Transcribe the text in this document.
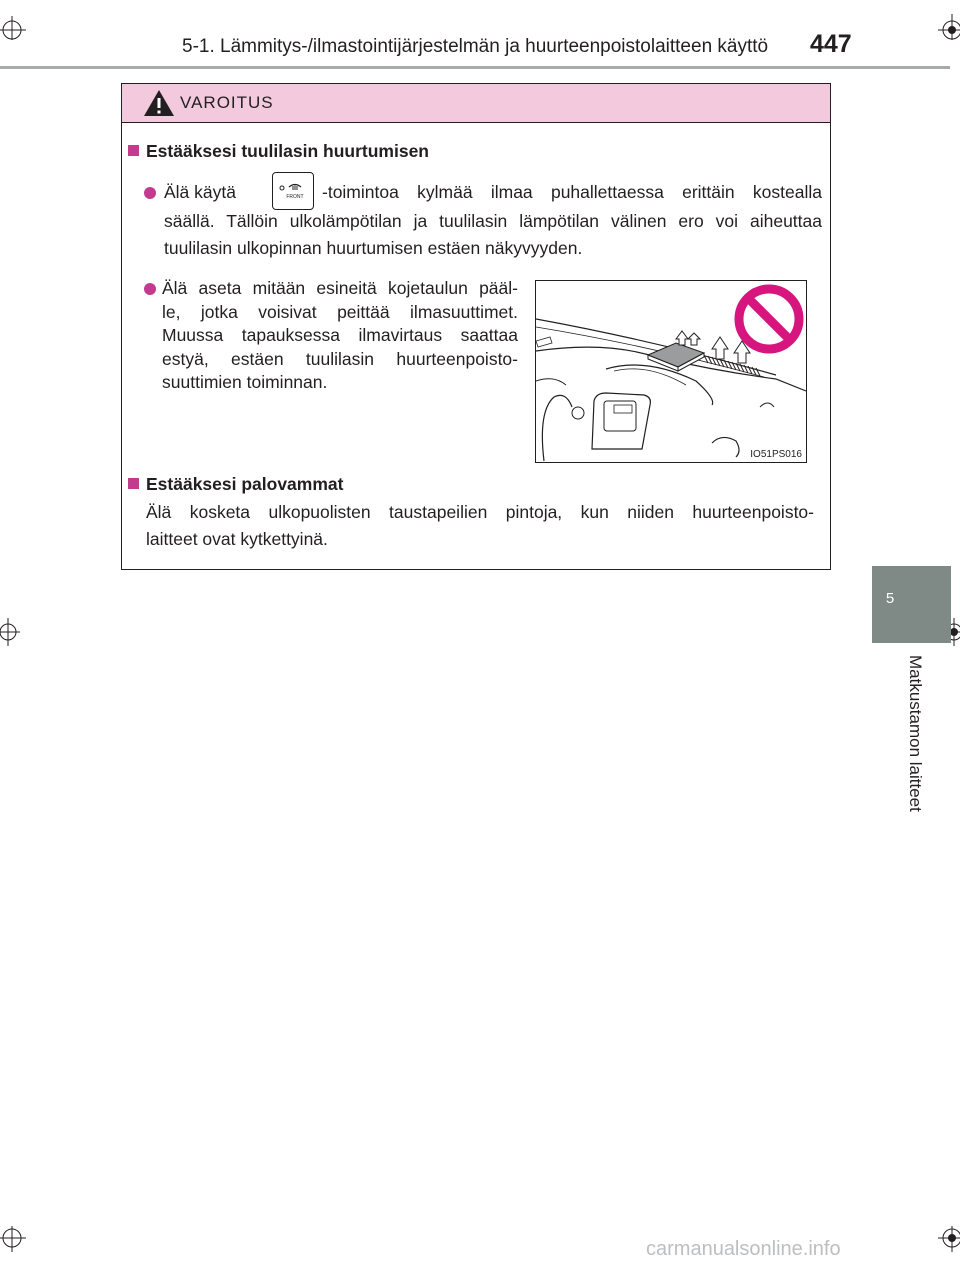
5-1. Lämmitys-/ilmastointijärjestelmän ja huurteenpoistolaitteen käyttö	447
5
Matkustamon laitteet
VAROITUS
Estääksesi tuulilasin huurtumisen
Älä käytä	FRONT -toimintoa kylmää ilmaa puhallettaessa erittäin kostealla
säällä. Tällöin ulkolämpötilan ja tuulilasin lämpötilan välinen ero voi aiheuttaa
tuulilasin ulkopinnan huurtumisen estäen näkyvyyden.
Älä aseta mitään esineitä kojetaulun pääl-
le, jotka voisivat peittää ilmasuuttimet.
Muussa tapauksessa ilmavirtaus saattaa
estyä, estäen tuulilasin huurteenpoisto-
suuttimien toiminnan.
IO51PS016
Estääksesi palovammat
Älä kosketa ulkopuolisten taustapeilien pintoja, kun niiden huurteenpoisto-
laitteet ovat kytkettyinä.
carmanualsonline.info
